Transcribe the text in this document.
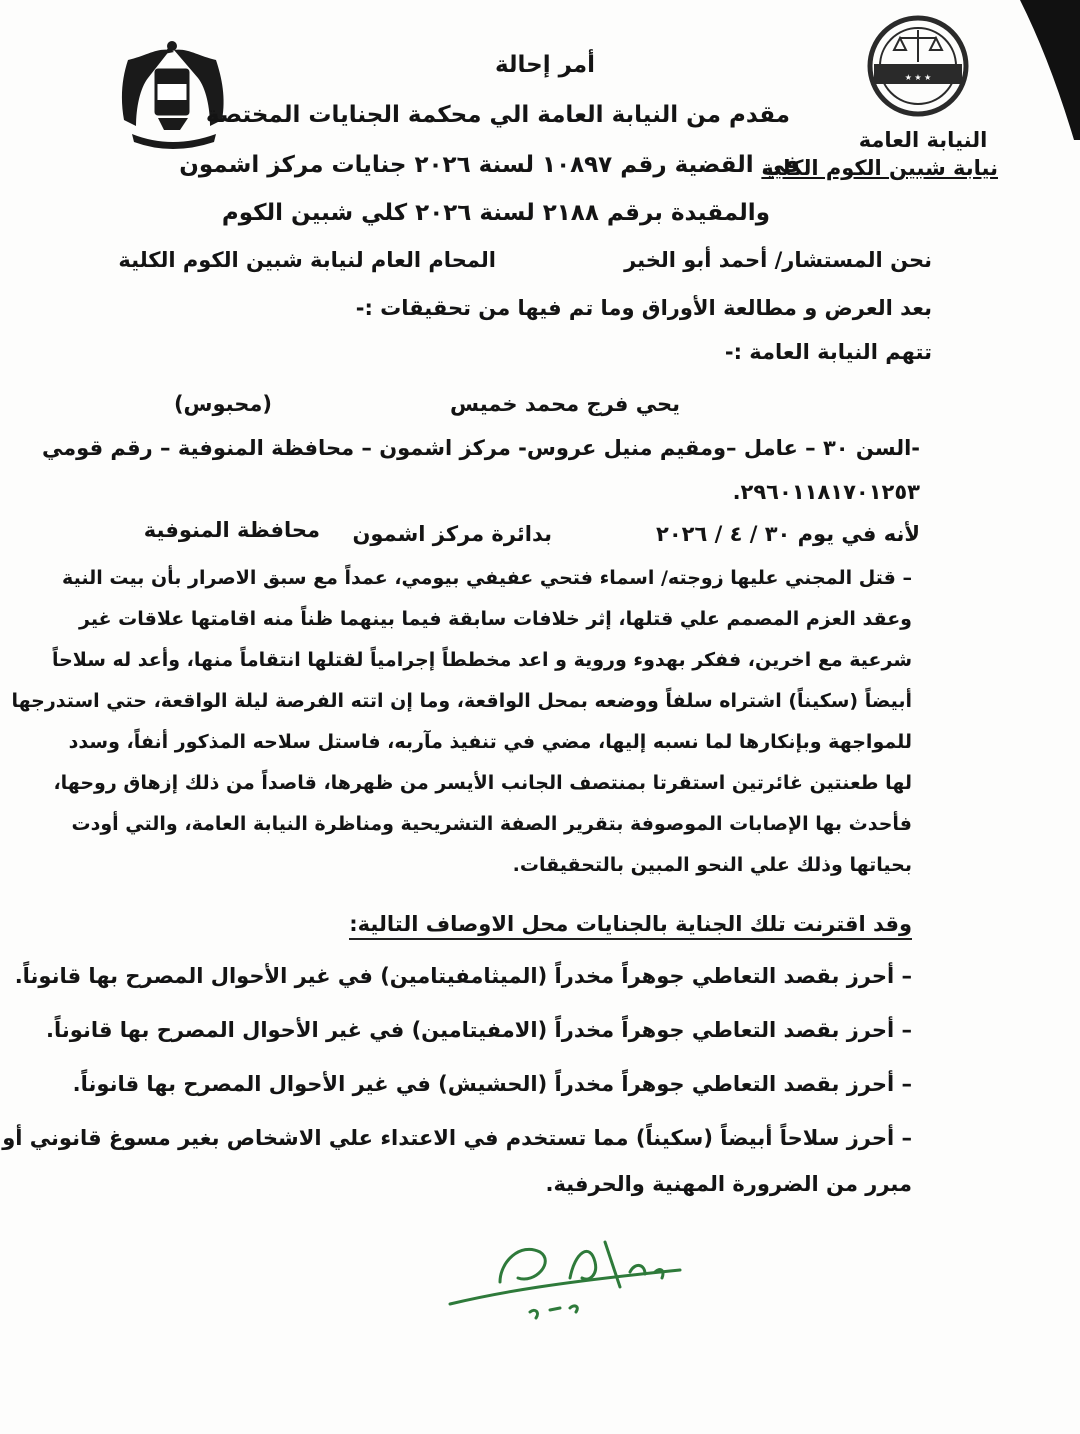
★ ★ ★
النيابة العامة
نيابة شبين الكوم الكلية
أمر إحالة
مقدم من النيابة العامة الي محكمة الجنايات المختصة
في القضية رقم ١٠٨٩٧ لسنة ٢٠٢٦ جنايات مركز اشمون
والمقيدة برقم ٢١٨٨ لسنة ٢٠٢٦ كلي شبين الكوم
نحن المستشار/ أحمد أبو الخير
المحام العام لنيابة شبين الكوم الكلية
بعد العرض و مطالعة الأوراق وما تم فيها من تحقيقات :-
تتهم النيابة العامة :-
يحي فرج محمد خميس
(محبوس)
-السن ٣٠ – عامل –ومقيم منيل عروس- مركز اشمون – محافظة المنوفية – رقم قومي
٢٩٦٠١١٨١٧٠١٢٥٣.
لأنه في يوم ٣٠ / ٤ / ٢٠٢٦
بدائرة مركز اشمون
محافظة المنوفية
– قتل المجني عليها زوجته/ اسماء فتحي عفيفي بيومي، عمداً مع سبق الاصرار بأن بيت النية
وعقد العزم المصمم علي قتلها، إثر خلافات سابقة فيما بينهما ظناً منه اقامتها علاقات غير
شرعية مع اخرين، ففكر بهدوء وروية و اعد مخططاً إجرامياً لقتلها انتقاماً منها، وأعد له سلاحاً
أبيضاً (سكيناً) اشتراه سلفاً ووضعه بمحل الواقعة، وما إن اتته الفرصة ليلة الواقعة، حتي استدرجها
للمواجهة وبإنكارها لما نسبه إليها، مضي في تنفيذ مآربه، فاستل سلاحه المذكور أنفاً، وسدد
لها طعنتين غائرتين استقرتا بمنتصف الجانب الأيسر من ظهرها، قاصداً من ذلك إزهاق روحها،
فأحدث بها الإصابات الموصوفة بتقرير الصفة التشريحية ومناظرة النيابة العامة، والتي أودت
بحياتها وذلك علي النحو المبين بالتحقيقات.
وقد اقترنت تلك الجناية بالجنايات محل الاوصاف التالية:
– أحرز بقصد التعاطي جوهراً مخدراً (الميثامفيتامين) في غير الأحوال المصرح بها قانوناً.
– أحرز بقصد التعاطي جوهراً مخدراً (الامفيتامين) في غير الأحوال المصرح بها قانوناً.
– أحرز بقصد التعاطي جوهراً مخدراً (الحشيش) في غير الأحوال المصرح بها قانوناً.
– أحرز سلاحاً أبيضاً (سكيناً) مما تستخدم في الاعتداء علي الاشخاص بغير مسوغ قانوني أو
مبرر من الضرورة المهنية والحرفية.
